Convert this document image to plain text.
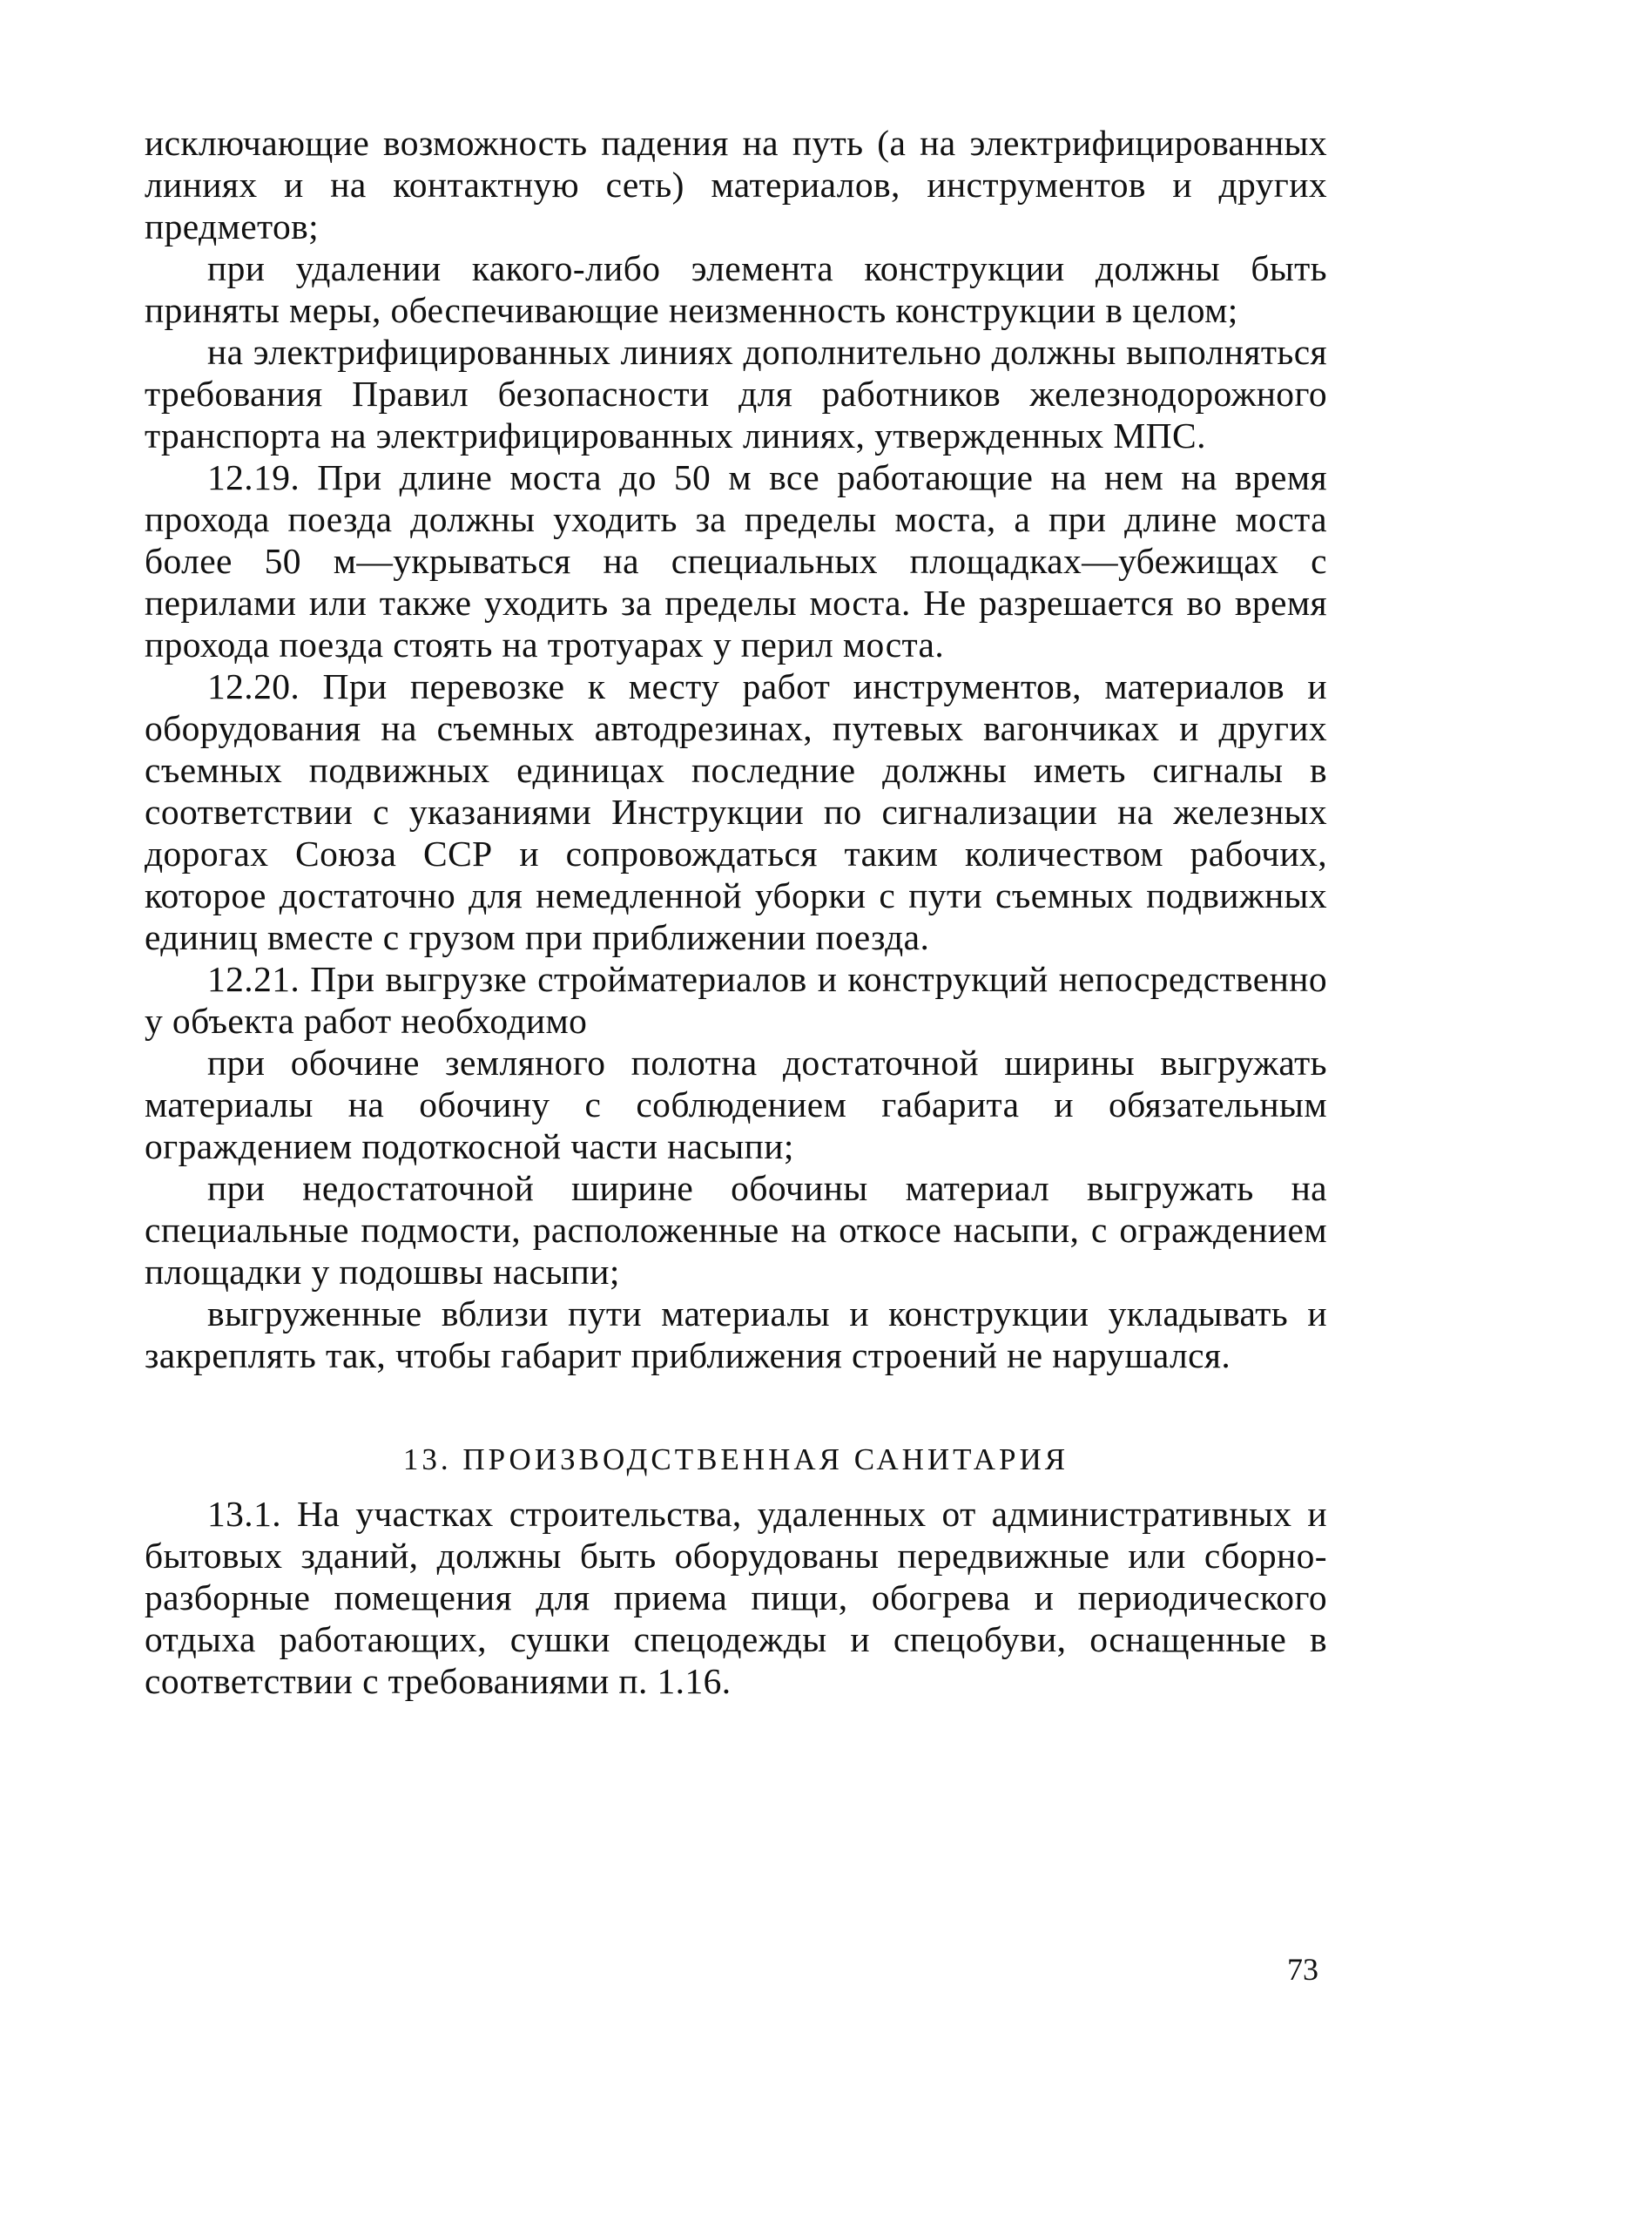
исключающие возможность падения на путь (а на электрифицированных линиях и на контактную сеть) материалов, инструментов и других предметов;

при удалении какого-либо элемента конструкции должны быть приняты меры, обеспечивающие неизменность конструкции в целом;

на электрифицированных линиях дополнительно должны выполняться требования Правил безопасности для работников железнодорожного транспорта на электрифицированных линиях, утвержденных МПС.

12.19. При длине моста до 50 м все работающие на нем на время прохода поезда должны уходить за пределы моста, а при длине моста более 50 м—укрываться на специальных площадках—убежищах с перилами или также уходить за пределы моста. Не разрешается во время прохода поезда стоять на тротуарах у перил моста.

12.20. При перевозке к месту работ инструментов, материалов и оборудования на съемных автодрезинах, путевых вагончиках и других съемных подвижных единицах последние должны иметь сигналы в соответствии с указаниями Инструкции по сигнализации на железных дорогах Союза ССР и сопровождаться таким количеством рабочих, которое достаточно для немедленной уборки с пути съемных подвижных единиц вместе с грузом при приближении поезда.

12.21. При выгрузке стройматериалов и конструкций непосредственно у объекта работ необходимо

при обочине земляного полотна достаточной ширины выгружать материалы на обочину с соблюдением габарита и обязательным ограждением подоткосной части насыпи;

при недостаточной ширине обочины материал выгружать на специальные подмости, расположенные на откосе насыпи, с ограждением площадки у подошвы насыпи;

выгруженные вблизи пути материалы и конструкции укладывать и закреплять так, чтобы габарит приближения строений не нарушался.

13. ПРОИЗВОДСТВЕННАЯ САНИТАРИЯ

13.1. На участках строительства, удаленных от административных и бытовых зданий, должны быть оборудованы передвижные или сборно-разборные помещения для приема пищи, обогрева и периодического отдыха работающих, сушки спецодежды и спецобуви, оснащенные в соответствии с требованиями п. 1.16.

73
